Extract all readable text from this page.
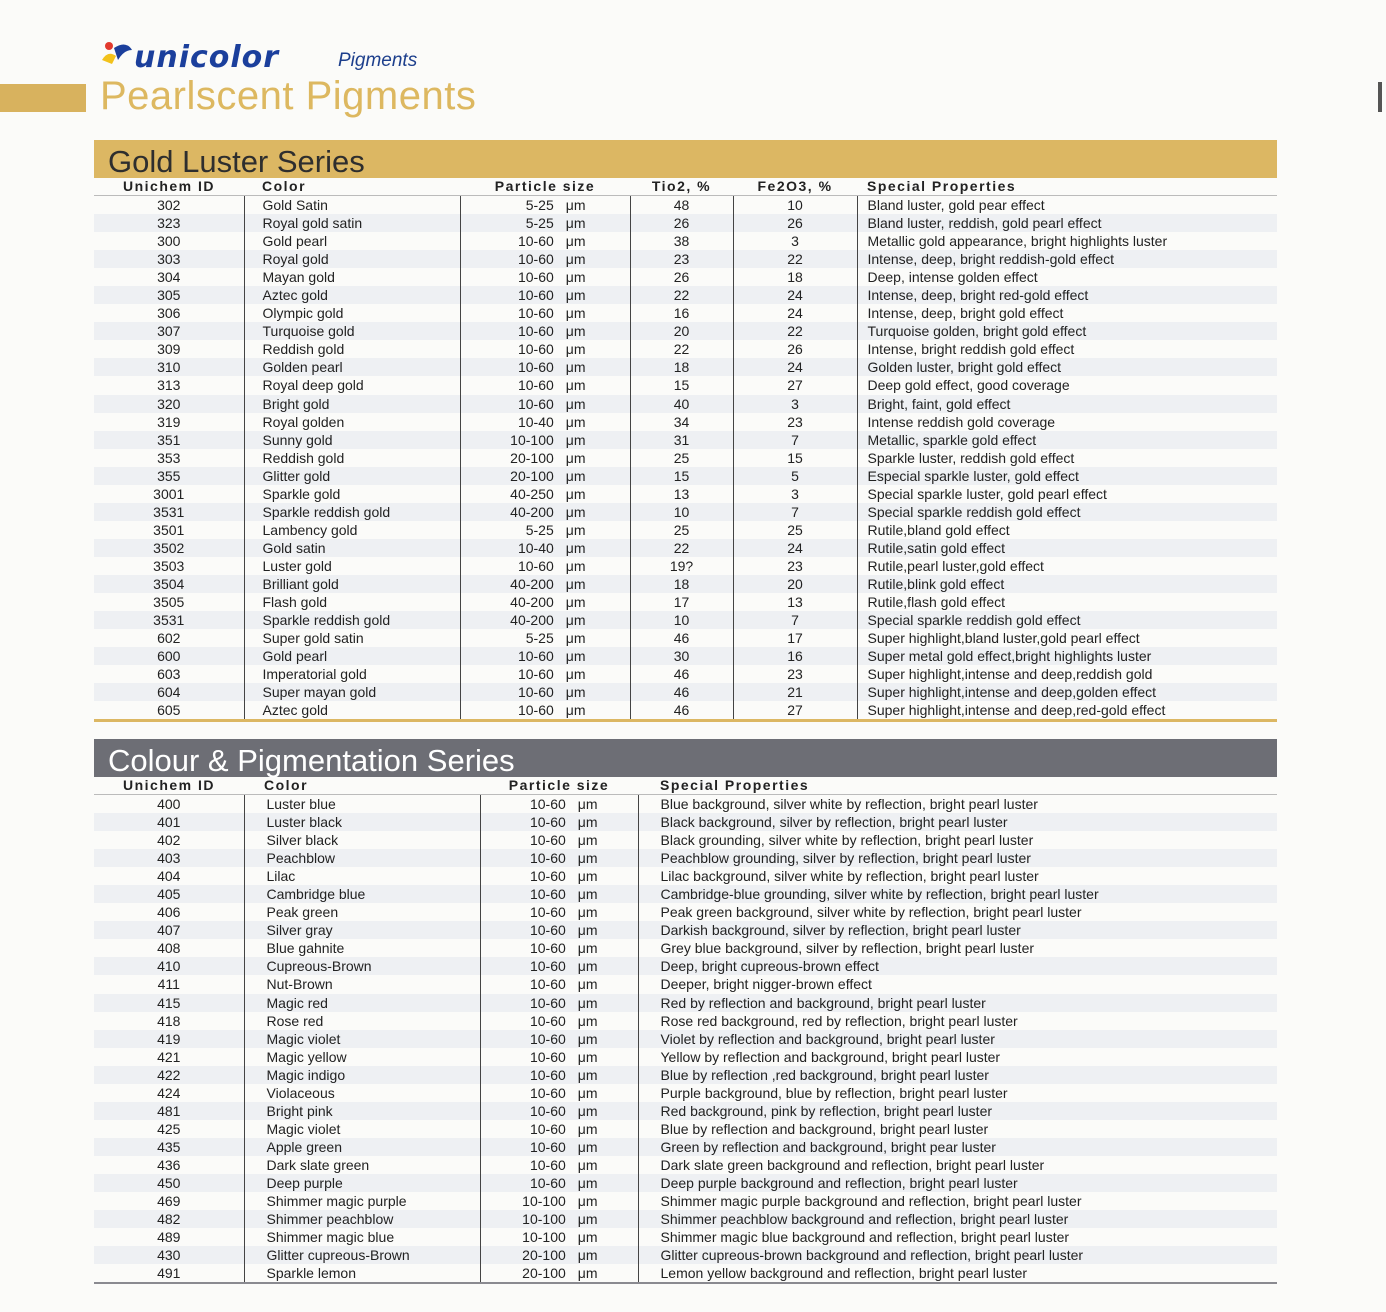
unicolor	Pigments
Pearlscent Pigments
Gold Luster Series
Unichem ID	Color	Particle size	Tio2, %	Fe2O3, %	Special Properties
302	Gold Satin	5-25 μm	48	10	Bland luster, gold pear effect
323	Royal gold satin	5-25 μm	26	26	Bland luster, reddish, gold pearl effect
300	Gold pearl	10-60 μm	38	3	Metallic gold appearance, bright highlights luster
303	Royal gold	10-60 μm	23	22	Intense, deep, bright reddish-gold effect
304	Mayan gold	10-60 μm	26	18	Deep, intense golden effect
305	Aztec gold	10-60 μm	22	24	Intense, deep, bright red-gold effect
306	Olympic gold	10-60 μm	16	24	Intense, deep, bright gold effect
307	Turquoise gold	10-60 μm	20	22	Turquoise golden, bright gold effect
309	Reddish gold	10-60 μm	22	26	Intense, bright reddish gold effect
310	Golden pearl	10-60 μm	18	24	Golden luster, bright gold effect
313	Royal deep gold	10-60 μm	15	27	Deep gold effect, good coverage
320	Bright gold	10-60 μm	40	3	Bright, faint, gold effect
319	Royal golden	10-40 μm	34	23	Intense reddish gold coverage
351	Sunny gold	10-100 μm	31	7	Metallic, sparkle gold effect
353	Reddish gold	20-100 μm	25	15	Sparkle luster, reddish gold effect
355	Glitter gold	20-100 μm	15	5	Especial sparkle luster, gold effect
3001	Sparkle gold	40-250 μm	13	3	Special sparkle luster, gold pearl effect
3531	Sparkle reddish gold	40-200 μm	10	7	Special sparkle reddish gold effect
3501	Lambency gold	5-25 μm	25	25	Rutile,bland gold effect
3502	Gold satin	10-40 μm	22	24	Rutile,satin gold effect
3503	Luster gold	10-60 μm	19?	23	Rutile,pearl luster,gold effect
3504	Brilliant gold	40-200 μm	18	20	Rutile,blink gold effect
3505	Flash gold	40-200 μm	17	13	Rutile,flash gold effect
3531	Sparkle reddish gold	40-200 μm	10	7	Special sparkle reddish gold effect
602	Super gold satin	5-25 μm	46	17	Super highlight,bland luster,gold pearl effect
600	Gold pearl	10-60 μm	30	16	Super metal gold effect,bright highlights luster
603	Imperatorial gold	10-60 μm	46	23	Super highlight,intense and deep,reddish gold
604	Super mayan gold	10-60 μm	46	21	Super highlight,intense and deep,golden effect
605	Aztec gold	10-60 μm	46	27	Super highlight,intense and deep,red-gold effect
Colour & Pigmentation Series
Unichem ID	Color	Particle size	Special Properties
400	Luster blue	10-60 μm	Blue background, silver white by reflection, bright pearl luster
401	Luster black	10-60 μm	Black background, silver by reflection, bright pearl luster
402	Silver black	10-60 μm	Black grounding, silver white by reflection, bright pearl luster
403	Peachblow	10-60 μm	Peachblow grounding, silver by reflection, bright pearl luster
404	Lilac	10-60 μm	Lilac background, silver white by reflection, bright pearl luster
405	Cambridge blue	10-60 μm	Cambridge-blue grounding, silver white by reflection, bright pearl luster
406	Peak green	10-60 μm	Peak green background, silver white by reflection, bright pearl luster
407	Silver gray	10-60 μm	Darkish background, silver by reflection, bright pearl luster
408	Blue gahnite	10-60 μm	Grey blue background, silver by reflection, bright pearl luster
410	Cupreous-Brown	10-60 μm	Deep, bright cupreous-brown effect
411	Nut-Brown	10-60 μm	Deeper, bright nigger-brown effect
415	Magic red	10-60 μm	Red by reflection and background, bright pearl luster
418	Rose red	10-60 μm	Rose red background, red by reflection, bright pearl luster
419	Magic violet	10-60 μm	Violet by reflection and background, bright pearl luster
421	Magic yellow	10-60 μm	Yellow by reflection and background, bright pearl luster
422	Magic indigo	10-60 μm	Blue by reflection ,red background, bright pearl luster
424	Violaceous	10-60 μm	Purple background, blue by reflection, bright pearl luster
481	Bright pink	10-60 μm	Red background, pink by reflection, bright pearl luster
425	Magic violet	10-60 μm	Blue by reflection and background, bright pearl luster
435	Apple green	10-60 μm	Green by reflection and background, bright pear luster
436	Dark slate green	10-60 μm	Dark slate green background and reflection, bright pearl luster
450	Deep purple	10-60 μm	Deep purple background and reflection, bright pearl luster
469	Shimmer magic purple	10-100 μm	Shimmer magic purple background and reflection, bright pearl luster
482	Shimmer peachblow	10-100 μm	Shimmer peachblow background and reflection, bright pearl luster
489	Shimmer magic blue	10-100 μm	Shimmer magic blue background and reflection, bright pearl luster
430	Glitter cupreous-Brown	20-100 μm	Glitter cupreous-brown background and reflection, bright pearl luster
491	Sparkle lemon	20-100 μm	Lemon yellow background and reflection, bright pearl luster
